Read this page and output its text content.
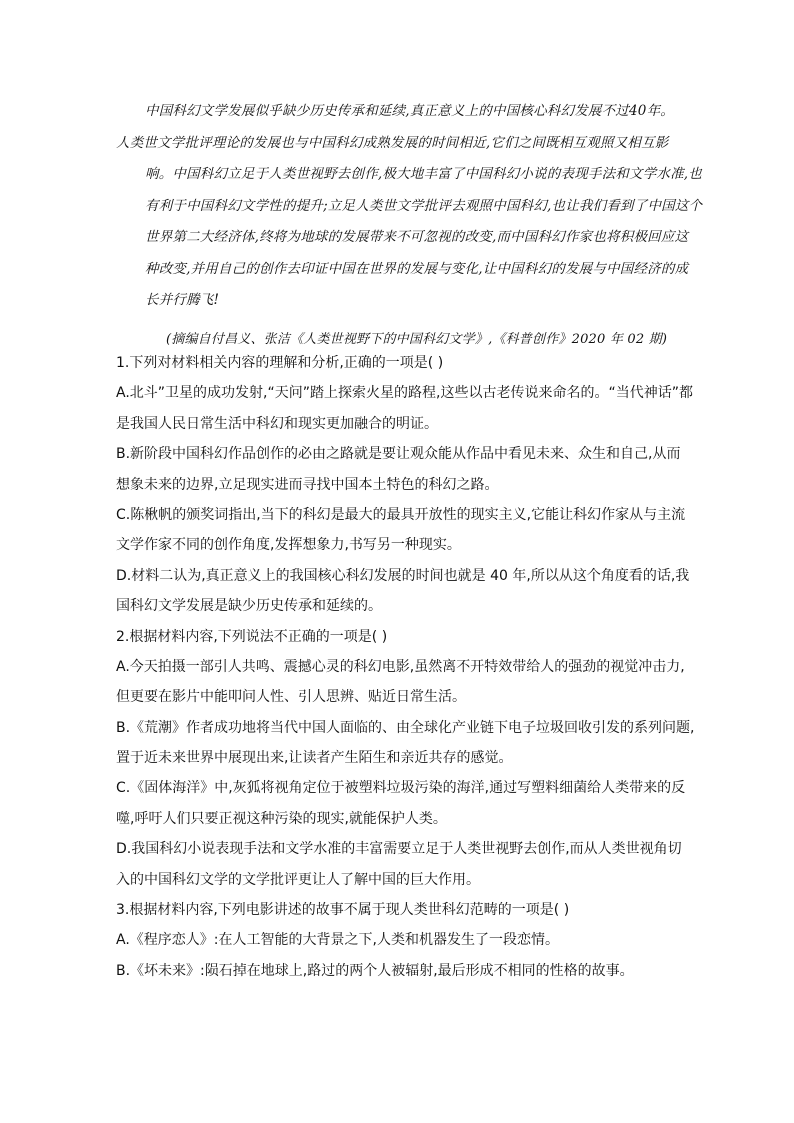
中国科幻文学发展似乎缺少历史传承和延续,真正意义上的中国核心科幻发展不过40年。
人类世文学批评理论的发展也与中国科幻成熟发展的时间相近,它们之间既相互观照又相互影
响。中国科幻立足于人类世视野去创作,极大地丰富了中国科幻小说的表现手法和文学水准,也
有利于中国科幻文学性的提升;立足人类世文学批评去观照中国科幻,也让我们看到了中国这个
世界第二大经济体,终将为地球的发展带来不可忽视的改变,而中国科幻作家也将积极回应这
种改变,并用自己的创作去印证中国在世界的发展与变化,让中国科幻的发展与中国经济的成
长并行腾飞!
(摘编自付昌义、张洁《人类世视野下的中国科幻文学》,《科普创作》2020 年 02 期)
1.下列对材料相关内容的理解和分析,正确的一项是( )
A.北斗”卫星的成功发射,“天问”踏上探索火星的路程,这些以古老传说来命名的。“当代神话”都
是我国人民日常生活中科幻和现实更加融合的明证。
B.新阶段中国科幻作品创作的必由之路就是要让观众能从作品中看见未来、众生和自己,从而
想象未来的边界,立足现实进而寻找中国本土特色的科幻之路。
C.陈楸帆的颁奖词指出,当下的科幻是最大的最具开放性的现实主义,它能让科幻作家从与主流
文学作家不同的创作角度,发挥想象力,书写另一种现实。
D.材料二认为,真正意义上的我国核心科幻发展的时间也就是 40 年,所以从这个角度看的话,我
国科幻文学发展是缺少历史传承和延续的。
2.根据材料内容,下列说法不正确的一项是( )
A.今天拍摄一部引人共鸣、震撼心灵的科幻电影,虽然离不开特效带给人的强劲的视觉冲击力,
但更要在影片中能叩问人性、引人思辨、贴近日常生活。
B.《荒潮》作者成功地将当代中国人面临的、由全球化产业链下电子垃圾回收引发的系列问题,
置于近未来世界中展现出来,让读者产生陌生和亲近共存的感觉。
C.《固体海洋》中,灰狐将视角定位于被塑料垃圾污染的海洋,通过写塑料细菌给人类带来的反
噬,呼吁人们只要正视这种污染的现实,就能保护人类。
D.我国科幻小说表现手法和文学水准的丰富需要立足于人类世视野去创作,而从人类世视角切
入的中国科幻文学的文学批评更让人了解中国的巨大作用。
3.根据材料内容,下列电影讲述的故事不属于现人类世科幻范畴的一项是( )
A.《程序恋人》:在人工智能的大背景之下,人类和机器发生了一段恋情。
B.《坏未来》:陨石掉在地球上,路过的两个人被辐射,最后形成不相同的性格的故事。
